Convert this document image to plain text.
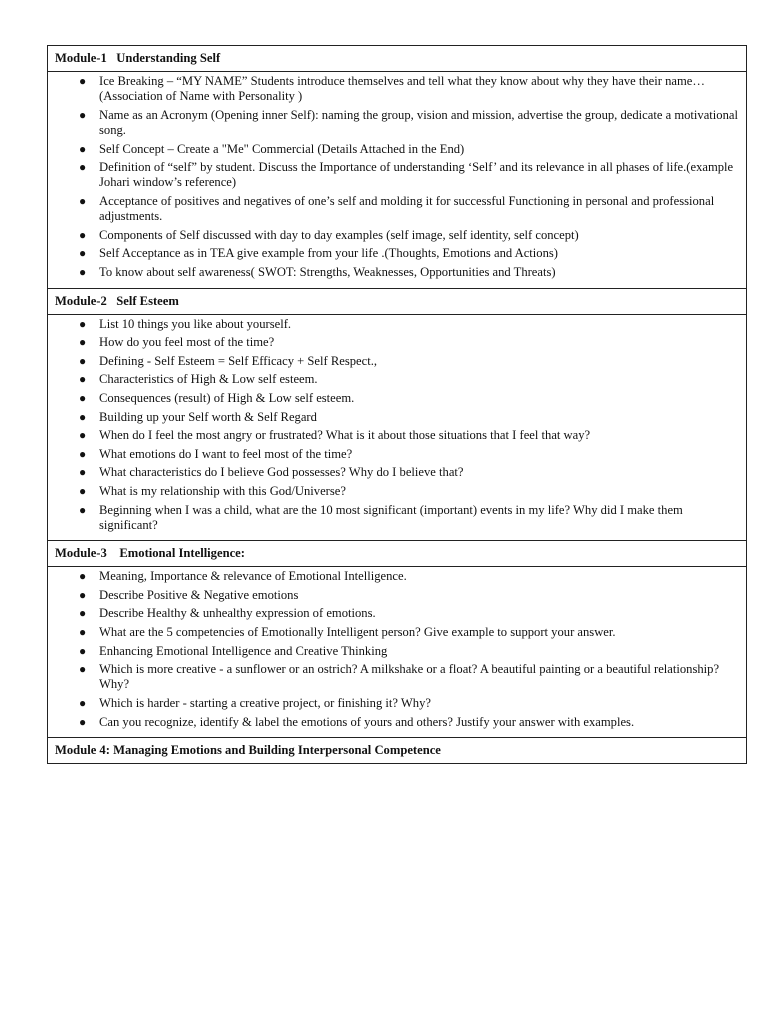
Module-1 Understanding Self
● Ice Breaking – “MY NAME” Students introduce themselves and tell what they know about why they have their name… (Association of Name with Personality )
● Name as an Acronym (Opening inner Self): naming the group, vision and mission, advertise the group, dedicate a motivational song.
● Self Concept – Create a "Me" Commercial (Details Attached in the End)
● Definition of “self” by student. Discuss the Importance of understanding ‘Self’ and its relevance in all phases of life.(example Johari window’s reference)
● Acceptance of positives and negatives of one’s self and molding it for successful Functioning in personal and professional adjustments.
● Components of Self discussed with day to day examples (self image, self identity, self concept)
● Self Acceptance as in TEA give example from your life .(Thoughts, Emotions and Actions)
● To know about self awareness( SWOT: Strengths, Weaknesses, Opportunities and Threats)
Module-2 Self Esteem
● List 10 things you like about yourself.
● How do you feel most of the time?
● Defining - Self Esteem = Self Efficacy + Self Respect.,
● Characteristics of High & Low self esteem.
● Consequences (result) of High & Low self esteem.
● Building up your Self worth & Self Regard
● When do I feel the most angry or frustrated? What is it about those situations that I feel that way?
● What emotions do I want to feel most of the time?
● What characteristics do I believe God possesses? Why do I believe that?
● What is my relationship with this God/Universe?
● Beginning when I was a child, what are the 10 most significant (important) events in my life? Why did I make them significant?
Module-3 Emotional Intelligence:
● Meaning, Importance & relevance of Emotional Intelligence.
● Describe Positive & Negative emotions
● Describe Healthy & unhealthy expression of emotions.
● What are the 5 competencies of Emotionally Intelligent person? Give example to support your answer.
● Enhancing Emotional Intelligence and Creative Thinking
● Which is more creative - a sunflower or an ostrich? A milkshake or a float? A beautiful painting or a beautiful relationship? Why?
● Which is harder - starting a creative project, or finishing it? Why?
● Can you recognize, identify & label the emotions of yours and others? Justify your answer with examples.
Module 4: Managing Emotions and Building Interpersonal Competence
